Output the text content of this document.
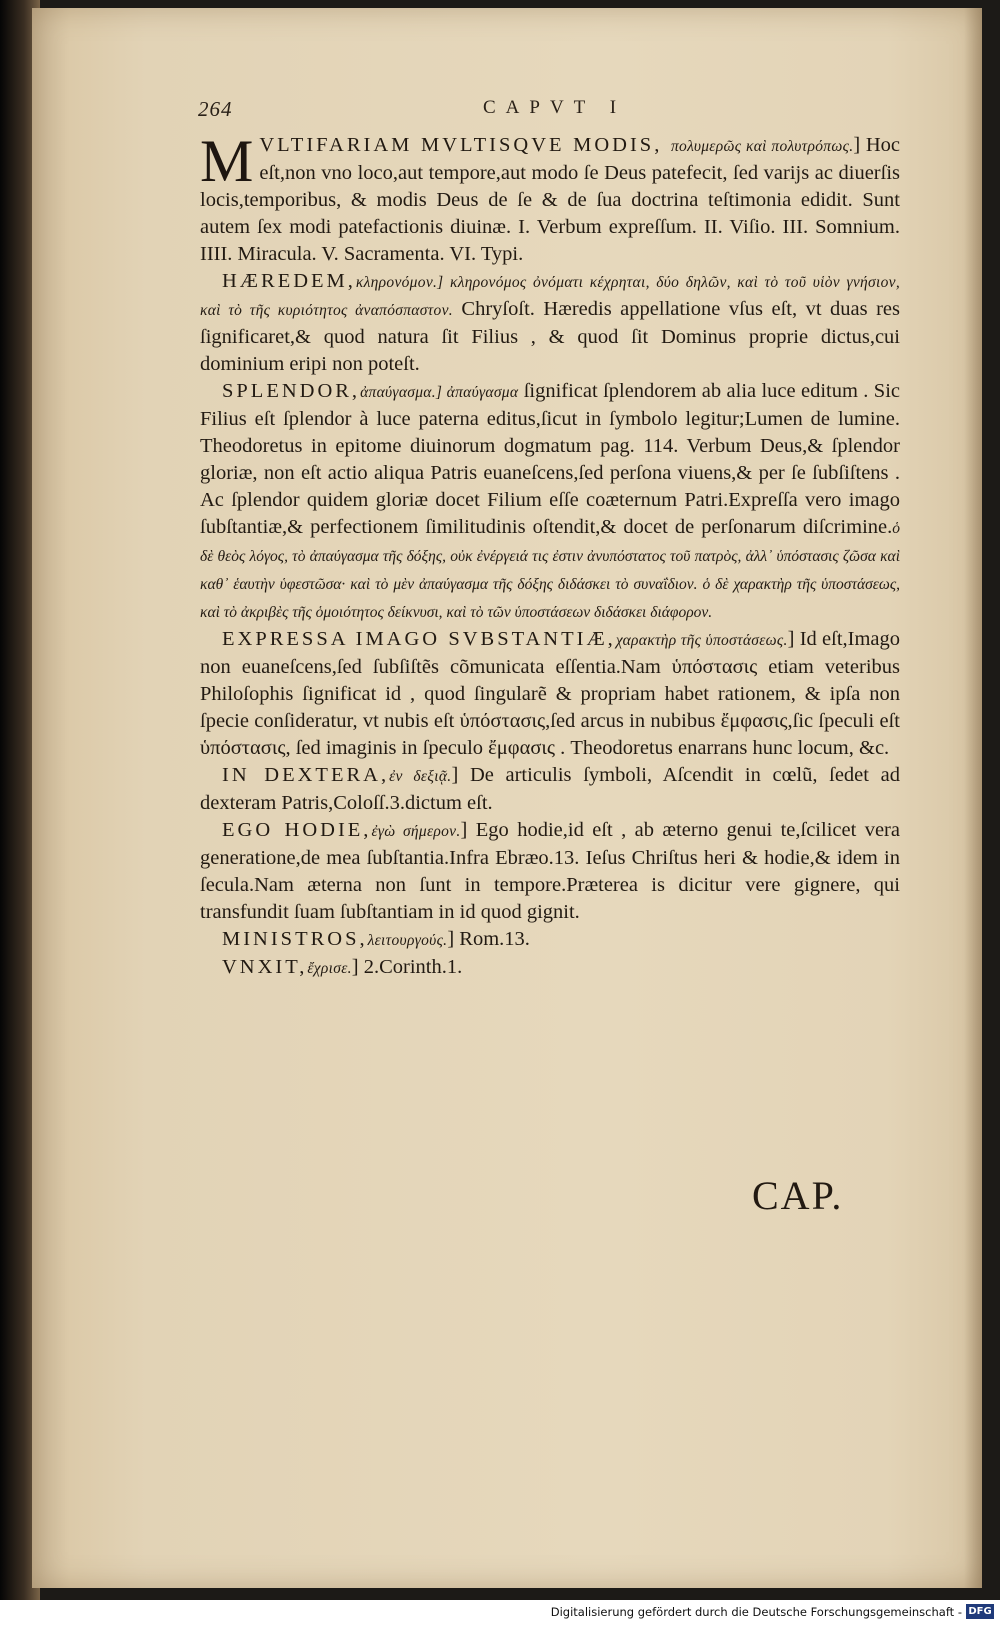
264	CAPVT I

MVLTIFARIAM MVLTISQVE MODIS, πολυμερῶς καὶ πολυτρόπως.] Hoc eſt,non vno loco,aut tempore,aut modo ſe Deus patefecit, ſed varijs ac diuerſis locis,temporibus, & modis Deus de ſe & de ſua doctrina teſtimonia edidit. Sunt autem ſex modi patefactionis diuinæ. I. Verbum expreſſum. II. Viſio. III. Somnium. IIII. Miracula. V. Sacramenta. VI. Typi.

HÆREDEM,κληρονόμον.] κληρονόμος ὀνόματι κέχρηται, δύο δηλῶν, καὶ τὸ τοῦ υἱὸν γνήσιον, καὶ τὸ τῆς κυριότητος ἀναπόσπαστον. Chryſoſt. Hæredis appellatione vſus eſt, vt duas res ſignificaret,& quod natura ſit Filius , & quod ſit Dominus proprie dictus,cui dominium eripi non poteſt.

SPLENDOR,ἀπαύγασμα.] ἀπαύγασμα ſignificat ſplendorem ab alia luce editum . Sic Filius eſt ſplendor à luce paterna editus,ſicut in ſymbolo legitur;Lumen de lumine. Theodoretus in epitome diuinorum dogmatum pag. 114. Verbum Deus,& ſplendor gloriæ, non eſt actio aliqua Patris euaneſcens,ſed perſona viuens,& per ſe ſubſiſtens . Ac ſplendor quidem gloriæ docet Filium eſſe coæternum Patri.Expreſſa vero imago ſubſtantiæ,& perfectionem ſimilitudinis oſtendit,& docet de perſonarum diſcrimine.ὁ δὲ θεὸς λόγος, τὸ ἀπαύγασμα τῆς δόξης, οὐκ ἐνέργειά τις ἐστιν ἀνυπόστατος τοῦ πατρὸς, ἀλλ᾽ ὑπόστασις ζῶσα καὶ καθ᾽ ἑαυτὴν ὑφεστῶσα· καὶ τὸ μὲν ἀπαύγασμα τῆς δόξης διδάσκει τὸ συναΐδιον. ὁ δὲ χαρακτὴρ τῆς ὑποστάσεως, καὶ τὸ ἀκριβὲς τῆς ὁμοιότητος δείκνυσι, καὶ τὸ τῶν ὑποστάσεων διδάσκει διάφορον.

EXPRESSA IMAGO SVBSTANTIÆ,χαρακτὴρ τῆς ὑποστάσεως.] Id eſt,Imago non euaneſcens,ſed ſubſiſtẽs cõmunicata eſſentia.Nam ὑπόστασις etiam veteribus Philoſophis ſignificat id , quod ſingularẽ & propriam habet rationem, & ipſa non ſpecie conſideratur, vt nubis eſt ὑπόστασις,ſed arcus in nubibus ἔμφασις,ſic ſpeculi eſt ὑπόστασις, ſed imaginis in ſpeculo ἔμφασις . Theodoretus enarrans hunc locum, &c.

IN DEXTERA,ἐν δεξιᾷ.] De articulis ſymboli, Aſcendit in cœlũ, ſedet ad dexteram Patris,Coloſſ.3.dictum eſt.

EGO HODIE,ἐγὼ σήμερον.] Ego hodie,id eſt , ab æterno genui te,ſcilicet vera generatione,de mea ſubſtantia.Infra Ebræo.13. Ieſus Chriſtus heri & hodie,& idem in ſecula.Nam æterna non ſunt in tempore.Præterea is dicitur vere gignere, qui transfundit ſuam ſubſtantiam in id quod gignit.

MINISTROS,λειτουργούς.] Rom.13.

VNXIT,ἔχρισε.] 2.Corinth.1.

CAP.
Digitalisierung gefördert durch die Deutsche Forschungsgemeinschaft - DFG
